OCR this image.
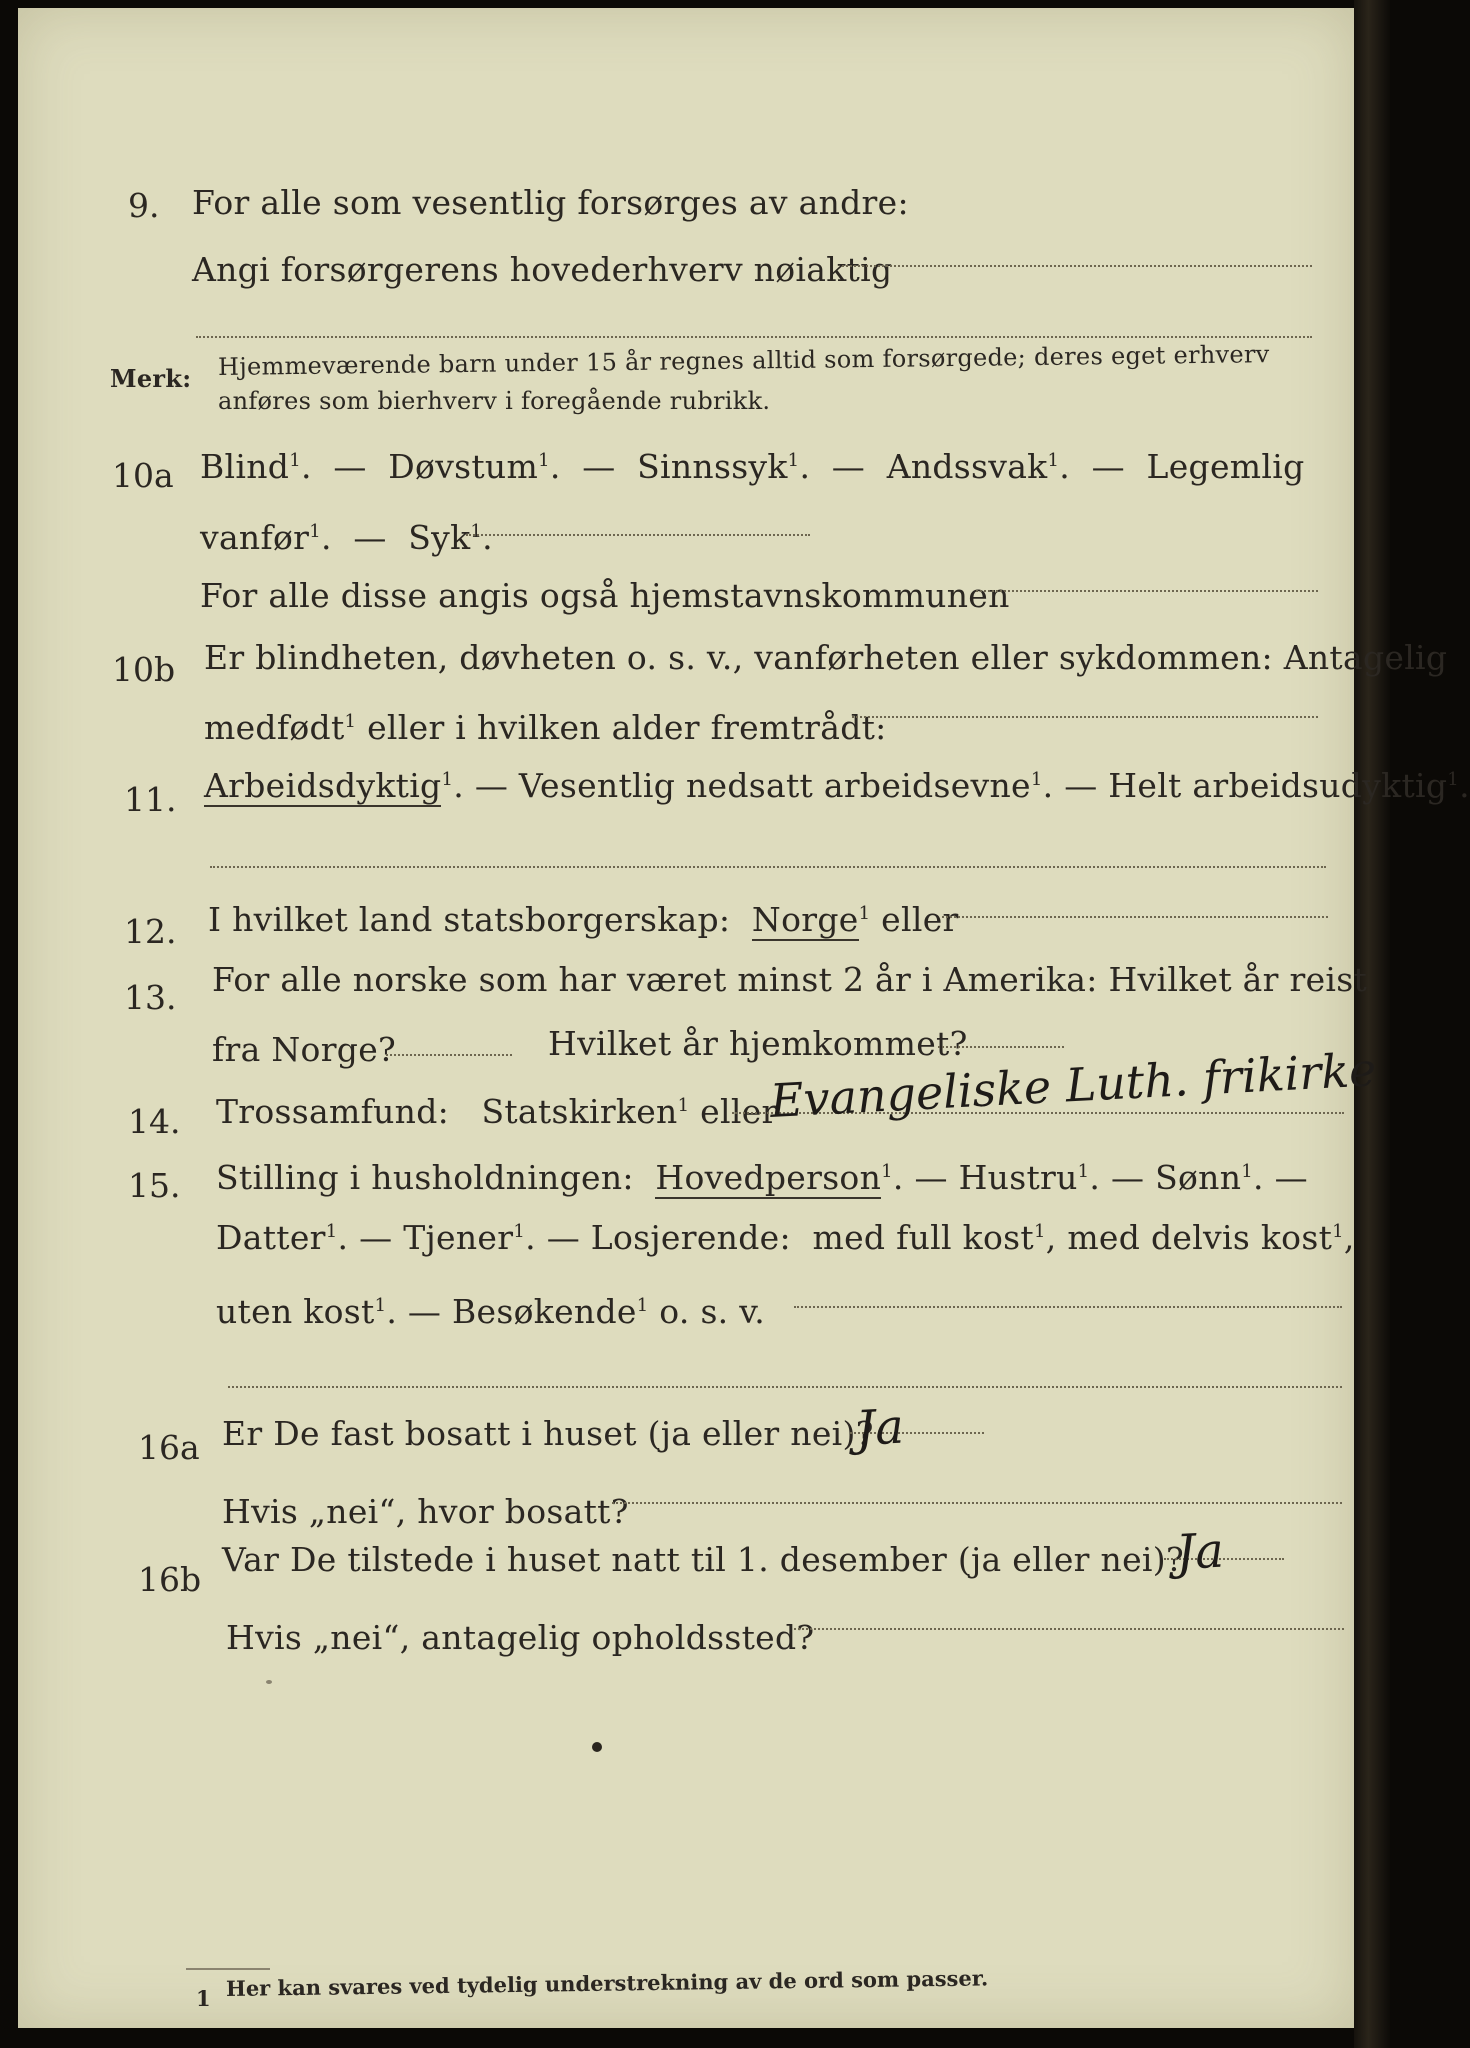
9. For alle som vesentlig forsørges av andre:
Angi forsørgerens hovederhverv nøiaktig
Merk: Hjemmeværende barn under 15 år regnes alltid som forsørgede; deres eget erhverv
anføres som bierhverv i foregående rubrikk.
10a Blind$^1$.  —  Døvstum$^1$.  —  Sinnssyk$^1$.  —  Andssvak$^1$.  —  Legemlig
vanfør$^1$.  —  Syk$^1$.
For alle disse angis også hjemstavnskommunen
10b Er blindheten, døvheten o. s. v., vanførheten eller sykdommen: Antagelig
medfødt$^1$ eller i hvilken alder fremtrådt:
11. Arbeidsdyktig$^1$. — Vesentlig nedsatt arbeidsevne$^1$. — Helt arbeidsudyktig$^1$.
12. I hvilket land statsborgerskap: Norge$^1$ eller
13. For alle norske som har været minst 2 år i Amerika: Hvilket år reist
fra Norge?	Hvilket år hjemkommet?
14. Trossamfund: Statskirken$^1$ eller
Evangeliske Luth. frikirke
15. Stilling i husholdningen: Hovedperson$^1$. — Hustru$^1$. — Sønn$^1$. —
Datter$^1$. — Tjener$^1$. — Losjerende: med full kost$^1$, med delvis kost$^1$,
uten kost$^1$. — Besøkende$^1$ o. s. v.
16a Er De fast bosatt i huset (ja eller nei)?
Ja
Hvis „nei“, hvor bosatt?
16b
Var De tilstede i huset natt til 1. desember (ja eller nei)?
Ja
Hvis „nei“, antagelig opholdssted?
1 Her kan svares ved tydelig understrekning av de ord som passer.
